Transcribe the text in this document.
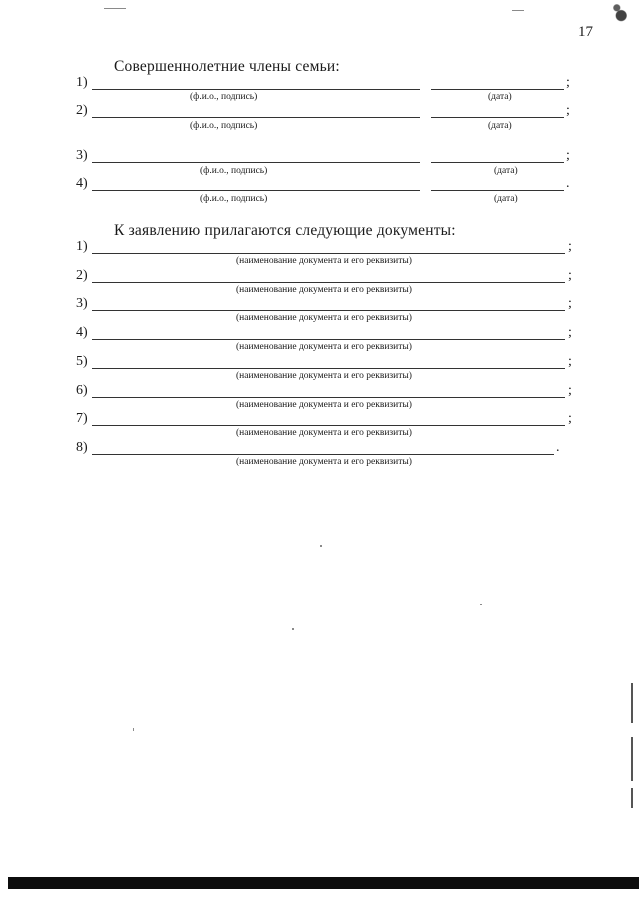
17
Совершеннолетние члены семьи:
1)	;
(ф.и.о., подпись)	(дата)
2)	;
(ф.и.о., подпись)	(дата)
3)	;
(ф.и.о., подпись)	(дата)
4)	.
(ф.и.о., подпись)	(дата)
К заявлению прилагаются следующие документы:
1)	;
(наименование документа и его реквизиты)
2)	;
(наименование документа и его реквизиты)
3)	;
(наименование документа и его реквизиты)
4)	;
(наименование документа и его реквизиты)
5)	;
(наименование документа и его реквизиты)
6)	;
(наименование документа и его реквизиты)
7)	;
(наименование документа и его реквизиты)
8)	.
(наименование документа и его реквизиты)
